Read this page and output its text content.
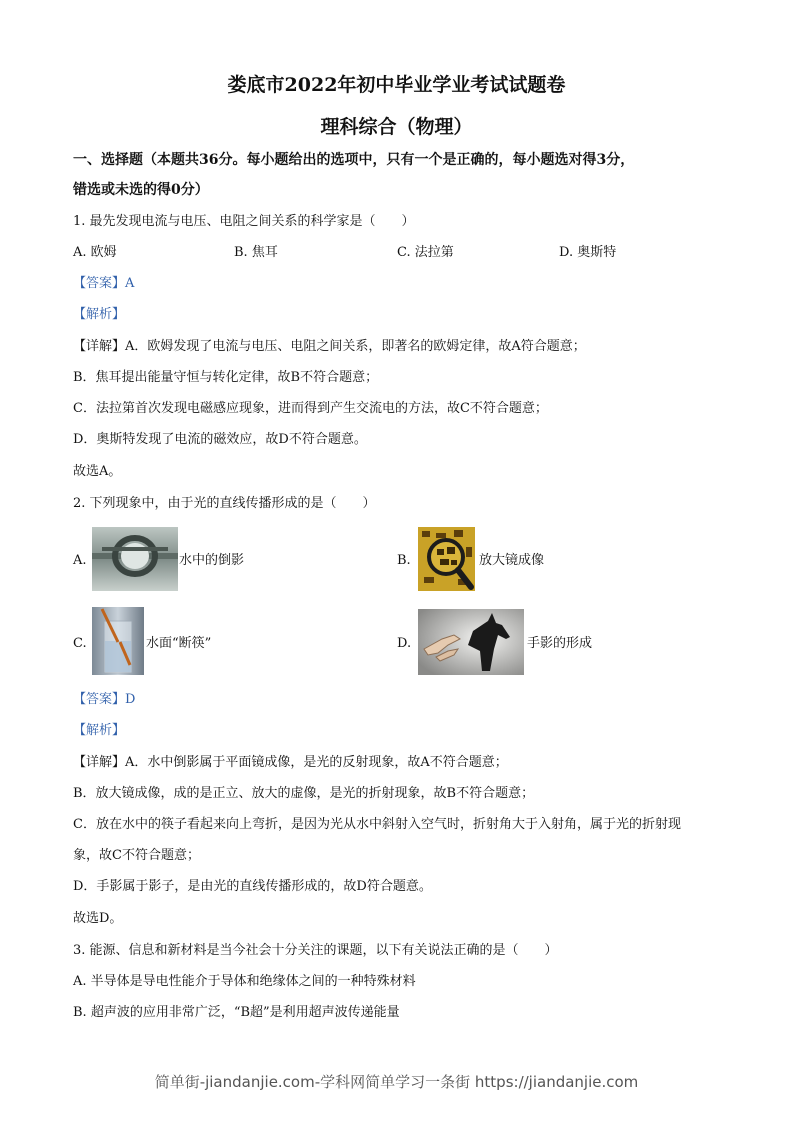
娄底市2022年初中毕业学业考试试题卷
理科综合（物理）
一、选择题（本题共36分。每小题给出的选项中，只有一个是正确的，每小题选对得3分，
错选或未选的得0分）
1. 最先发现电流与电压、电阻之间关系的科学家是（　　）
A. 欧姆	B. 焦耳	C. 法拉第	D. 奥斯特
【答案】A
【解析】
【详解】A．欧姆发现了电流与电压、电阻之间关系，即著名的欧姆定律，故A符合题意；
B．焦耳提出能量守恒与转化定律，故B不符合题意；
C．法拉第首次发现电磁感应现象，进而得到产生交流电的方法，故C不符合题意；
D．奥斯特发现了电流的磁效应，故D不符合题意。
故选A。
2. 下列现象中，由于光的直线传播形成的是（　　）
A.	水中的倒影	B.	放大镜成像
C.	水面“断筷”	D.	手影的形成
【答案】D
【解析】
【详解】A．水中倒影属于平面镜成像，是光的反射现象，故A不符合题意；
B．放大镜成像，成的是正立、放大的虚像，是光的折射现象，故B不符合题意；
C．放在水中的筷子看起来向上弯折，是因为光从水中斜射入空气时，折射角大于入射角，属于光的折射现
象，故C不符合题意；
D．手影属于影子，是由光的直线传播形成的，故D符合题意。
故选D。
3. 能源、信息和新材料是当今社会十分关注的课题，以下有关说法正确的是（　　）
A. 半导体是导电性能介于导体和绝缘体之间的一种特殊材料
B. 超声波的应用非常广泛，“B超”是利用超声波传递能量
简单街-jiandanjie.com-学科网简单学习一条街 https://jiandanjie.com
